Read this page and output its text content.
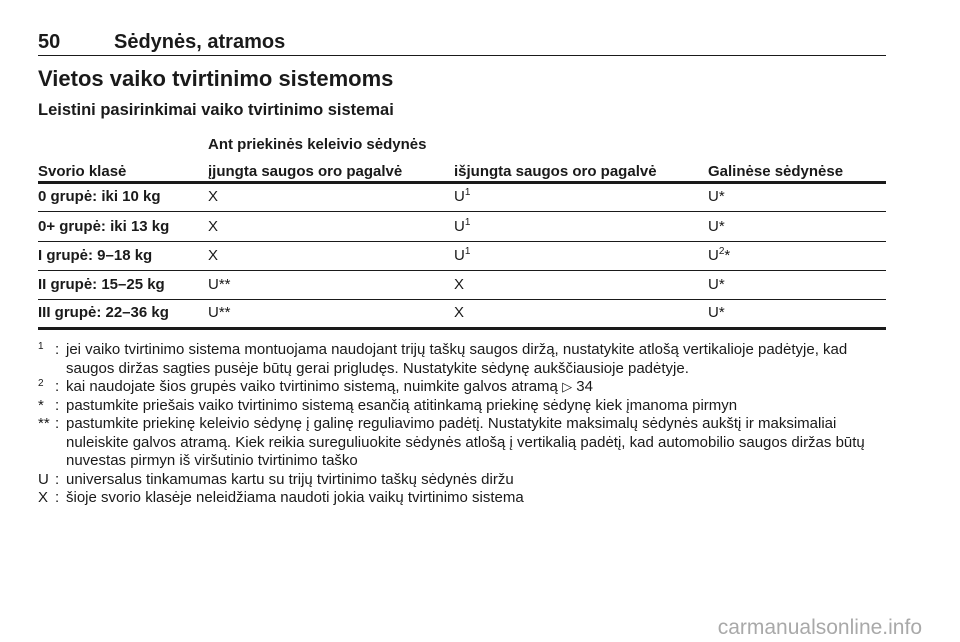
50	Sėdynės, atramos
Vietos vaiko tvirtinimo sistemoms
Leistini pasirinkimai vaiko tvirtinimo sistemai
Ant priekinės keleivio sėdynės
Svorio klasė	įjungta saugos oro pagalvė	išjungta saugos oro pagalvė	Galinėse sėdynėse
0 grupė: iki 10 kg	X	$U^1$	U*
0+ grupė: iki 13 kg	X	$U^1$	U*
I grupė: 9–18 kg	X	$U^1$	$U^2*$
II grupė: 15–25 kg	U**	X	U*
III grupė: 22–36 kg	U**	X	U*
$^1$ : jei vaiko tvirtinimo sistema montuojama naudojant trijų taškų saugos diržą, nustatykite atlošą vertikalioje padėtyje, kad saugos diržas sagties pusėje būtų gerai prigludęs. Nustatykite sėdynę aukščiausioje padėtyje.
$^2$ : kai naudojate šios grupės vaiko tvirtinimo sistemą, nuimkite galvos atramą ▷ 34
* : pastumkite priešais vaiko tvirtinimo sistemą esančią atitinkamą priekinę sėdynę kiek įmanoma pirmyn
** : pastumkite priekinę keleivio sėdynę į galinę reguliavimo padėtį. Nustatykite maksimalų sėdynės aukštį ir maksimaliai nuleiskite galvos atramą. Kiek reikia sureguliuokite sėdynės atlošą į vertikalią padėtį, kad automobilio saugos diržas būtų nuvestas pirmyn iš viršutinio tvirtinimo taško
U : universalus tinkamumas kartu su trijų tvirtinimo taškų sėdynės diržu
X : šioje svorio klasėje neleidžiama naudoti jokia vaikų tvirtinimo sistema
carmanualsonline.info
